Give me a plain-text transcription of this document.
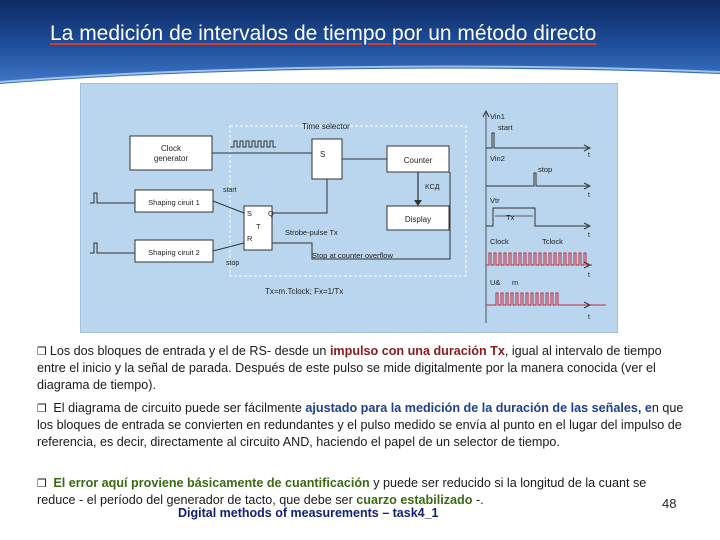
La medición de intervalos de tiempo por un método directo
Clock generator	S
Time selector
Counter
KCД
Display
Shaping ciruit 1
start
Shaping ciruit 2
stop
S Q
T
R
Strobe-pulse Tx
Stop at counter overflow
Tx=m.Tclock; Fx=1/Tx
Vin1
start
t
Vin2
stop
t
Vtr
Tx
t
Clock	Tclock
t
U& m
t
❒ Los dos bloques de entrada y el de RS- desde un impulso con una duración Tx, igual al intervalo de tiempo entre el inicio y la señal de parada. Después de este pulso se mide digitalmente por la manera conocida (ver el diagrama de tiempo).
❒ El diagrama de circuito puede ser fácilmente ajustado para la medición de la duración de las señales, en que los bloques de entrada se convierten en redundantes y el pulso medido se envía al punto en el lugar del impulso de referencia, es decir, directamente al circuito AND, haciendo el papel de un selector de tiempo.
❒ El error aquí proviene básicamente de cuantificación y puede ser reducido si la longitud de la cuant se reduce - el período del generador de tacto, que debe ser cuarzo estabilizado -.	48
Digital methods of measurements – task4_1
